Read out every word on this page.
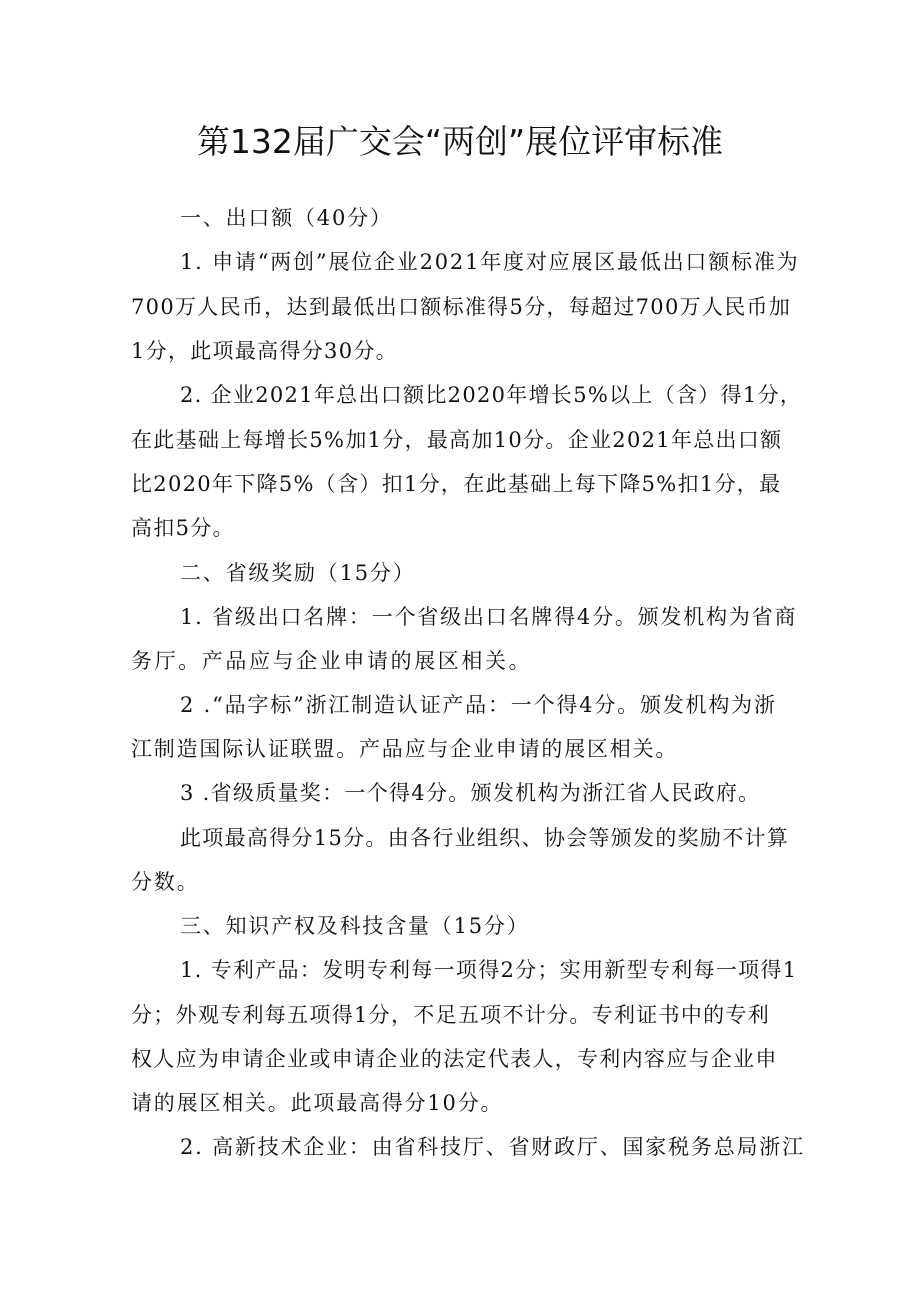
第132届广交会“两创”展位评审标准
一、出口额（40分）
1. 申请“两创”展位企业2021年度对应展区最低出口额标准为
700万人民币，达到最低出口额标准得5分，每超过700万人民币加
1分，此项最高得分30分。
2. 企业2021年总出口额比2020年增长5%以上（含）得1分，
在此基础上每增长5%加1分，最高加10分。企业2021年总出口额
比2020年下降5%（含）扣1分，在此基础上每下降5%扣1分，最
高扣5分。
二、省级奖励（15分）
1. 省级出口名牌：一个省级出口名牌得4分。颁发机构为省商
务厅。产品应与企业申请的展区相关。
2 .“品字标”浙江制造认证产品：一个得4分。颁发机构为浙
江制造国际认证联盟。产品应与企业申请的展区相关。
3 .省级质量奖：一个得4分。颁发机构为浙江省人民政府。
此项最高得分15分。由各行业组织、协会等颁发的奖励不计算
分数。
三、知识产权及科技含量（15分）
1. 专利产品：发明专利每一项得2分；实用新型专利每一项得1
分；外观专利每五项得1分，不足五项不计分。专利证书中的专利
权人应为申请企业或申请企业的法定代表人，专利内容应与企业申
请的展区相关。此项最高得分10分。
2. 高新技术企业：由省科技厅、省财政厅、国家税务总局浙江
